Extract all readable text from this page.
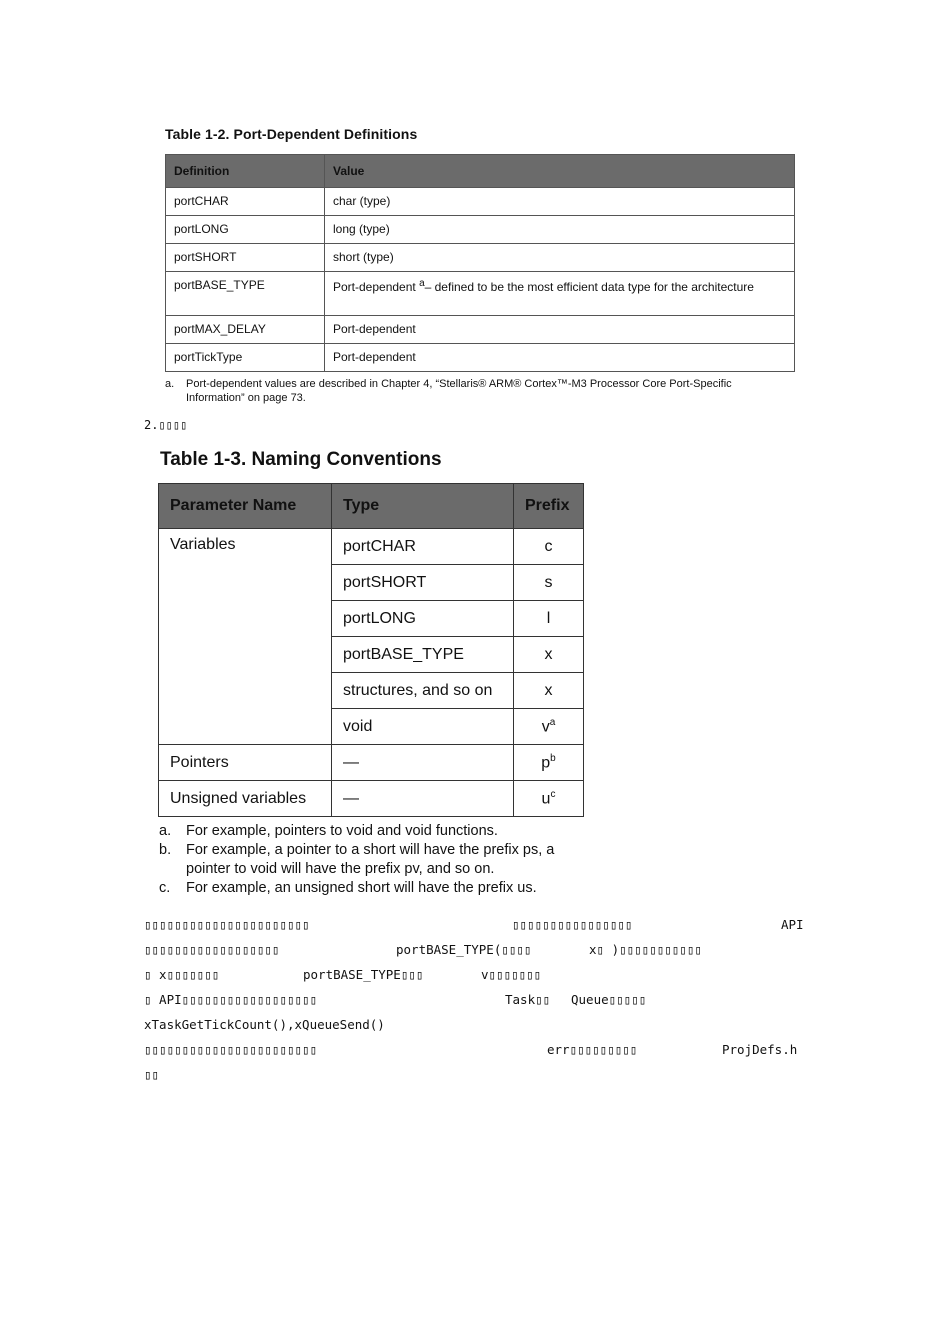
Table 1-2. Port-Dependent Definitions
Definition	Value
portCHAR	char (type)
portLONG	long (type)
portSHORT	short (type)
portBASE_TYPE	Port-dependent $^a$– defined to be the most efficient data type for the architecture
portMAX_DELAY	Port-dependent
portTickType	Port-dependent
a. Port-dependent values are described in Chapter 4, “Stellaris® ARM® Cortex™-M3 Processor Core Port-Specific Information” on page 73.
2.▯▯▯▯
Table 1-3. Naming Conventions
Parameter Name	Type	Prefix
Variables	portCHAR	c
	portSHORT	s
	portLONG	l
	portBASE_TYPE	x
	structures, and so on	x
	void	$v^a$
Pointers	—	$p^b$
Unsigned variables	—	$u^c$
a. For example, pointers to void and void functions.
b. For example, a pointer to a short will have the prefix ps, a pointer to void will have the prefix pv, and so on.
c. For example, an unsigned short will have the prefix us.
▯▯▯▯▯▯▯▯▯▯▯▯▯▯▯▯▯▯▯▯▯▯	▯▯▯▯▯▯▯▯▯▯▯▯▯▯▯▯	API
▯▯▯▯▯▯▯▯▯▯▯▯▯▯▯▯▯▯	portBASE_TYPE(▯▯▯▯	x▯ )▯▯▯▯▯▯▯▯▯▯▯
▯ x▯▯▯▯▯▯▯	portBASE_TYPE▯▯▯	v▯▯▯▯▯▯▯
▯ API▯▯▯▯▯▯▯▯▯▯▯▯▯▯▯▯▯▯	Task▯▯ Queue▯▯▯▯▯
xTaskGetTickCount(),xQueueSend()
▯▯▯▯▯▯▯▯▯▯▯▯▯▯▯▯▯▯▯▯▯▯▯	err▯▯▯▯▯▯▯▯▯	ProjDefs.h
▯▯
